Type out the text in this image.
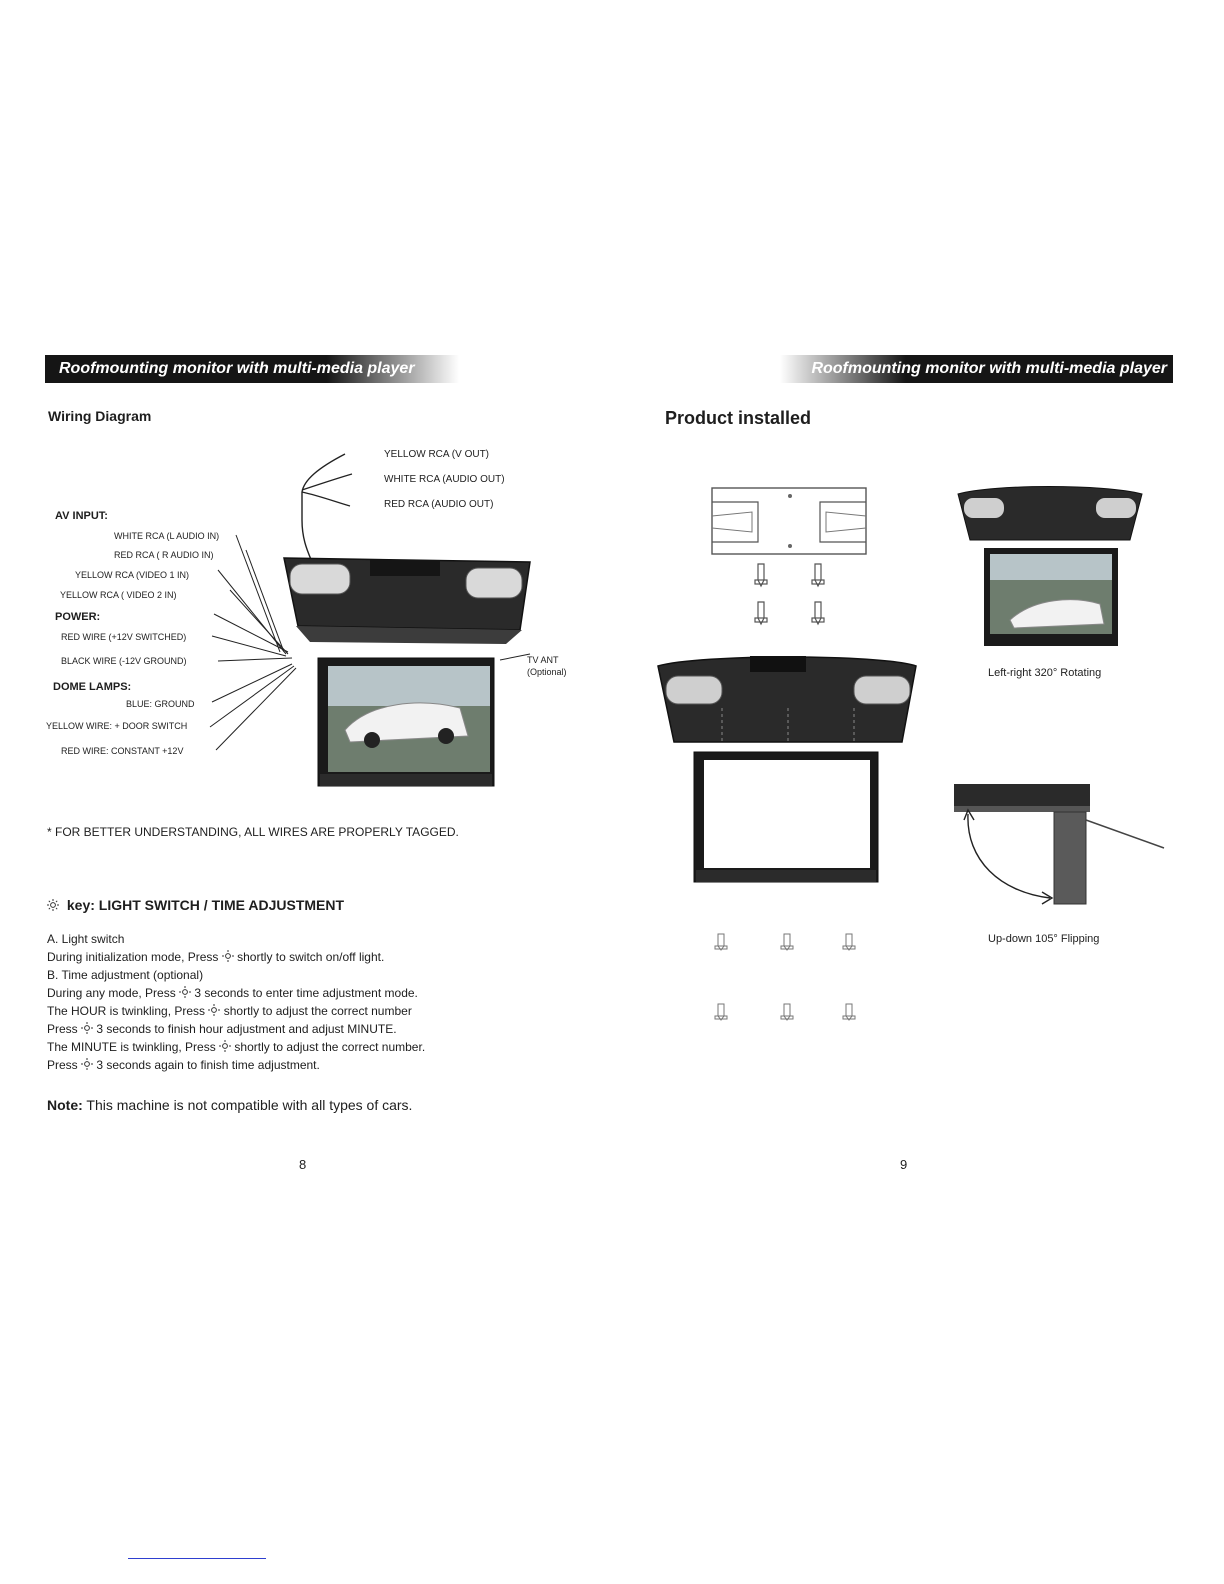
Roofmounting monitor with multi-media player
Wiring Diagram
YELLOW RCA (V OUT)
WHITE RCA (AUDIO OUT)
RED RCA (AUDIO OUT)
AV INPUT:
WHITE RCA (L AUDIO IN)
RED RCA ( R AUDIO IN)
YELLOW RCA (VIDEO 1 IN)
YELLOW RCA ( VIDEO 2 IN)
POWER:
RED WIRE (+12V SWITCHED)
BLACK WIRE (-12V GROUND)
DOME LAMPS:
BLUE: GROUND
YELLOW WIRE: + DOOR SWITCH
RED WIRE: CONSTANT +12V
TV ANT
(Optional)
* FOR BETTER UNDERSTANDING, ALL WIRES ARE PROPERLY TAGGED.
key: LIGHT SWITCH / TIME ADJUSTMENT
A. Light switch
During initialization mode, Press shortly to switch on/off light.
B. Time adjustment (optional)
During any mode, Press 3 seconds to enter time adjustment mode.
The HOUR is twinkling, Press shortly to adjust the correct number
Press 3 seconds to finish hour adjustment and adjust MINUTE.
The MINUTE is twinkling, Press shortly to adjust the correct number.
Press 3 seconds again to finish time adjustment.
Note: This machine is not compatible with all types of cars.
8
Roofmounting monitor with multi-media player
Product installed
Left-right 320° Rotating
Up-down 105° Flipping
9
